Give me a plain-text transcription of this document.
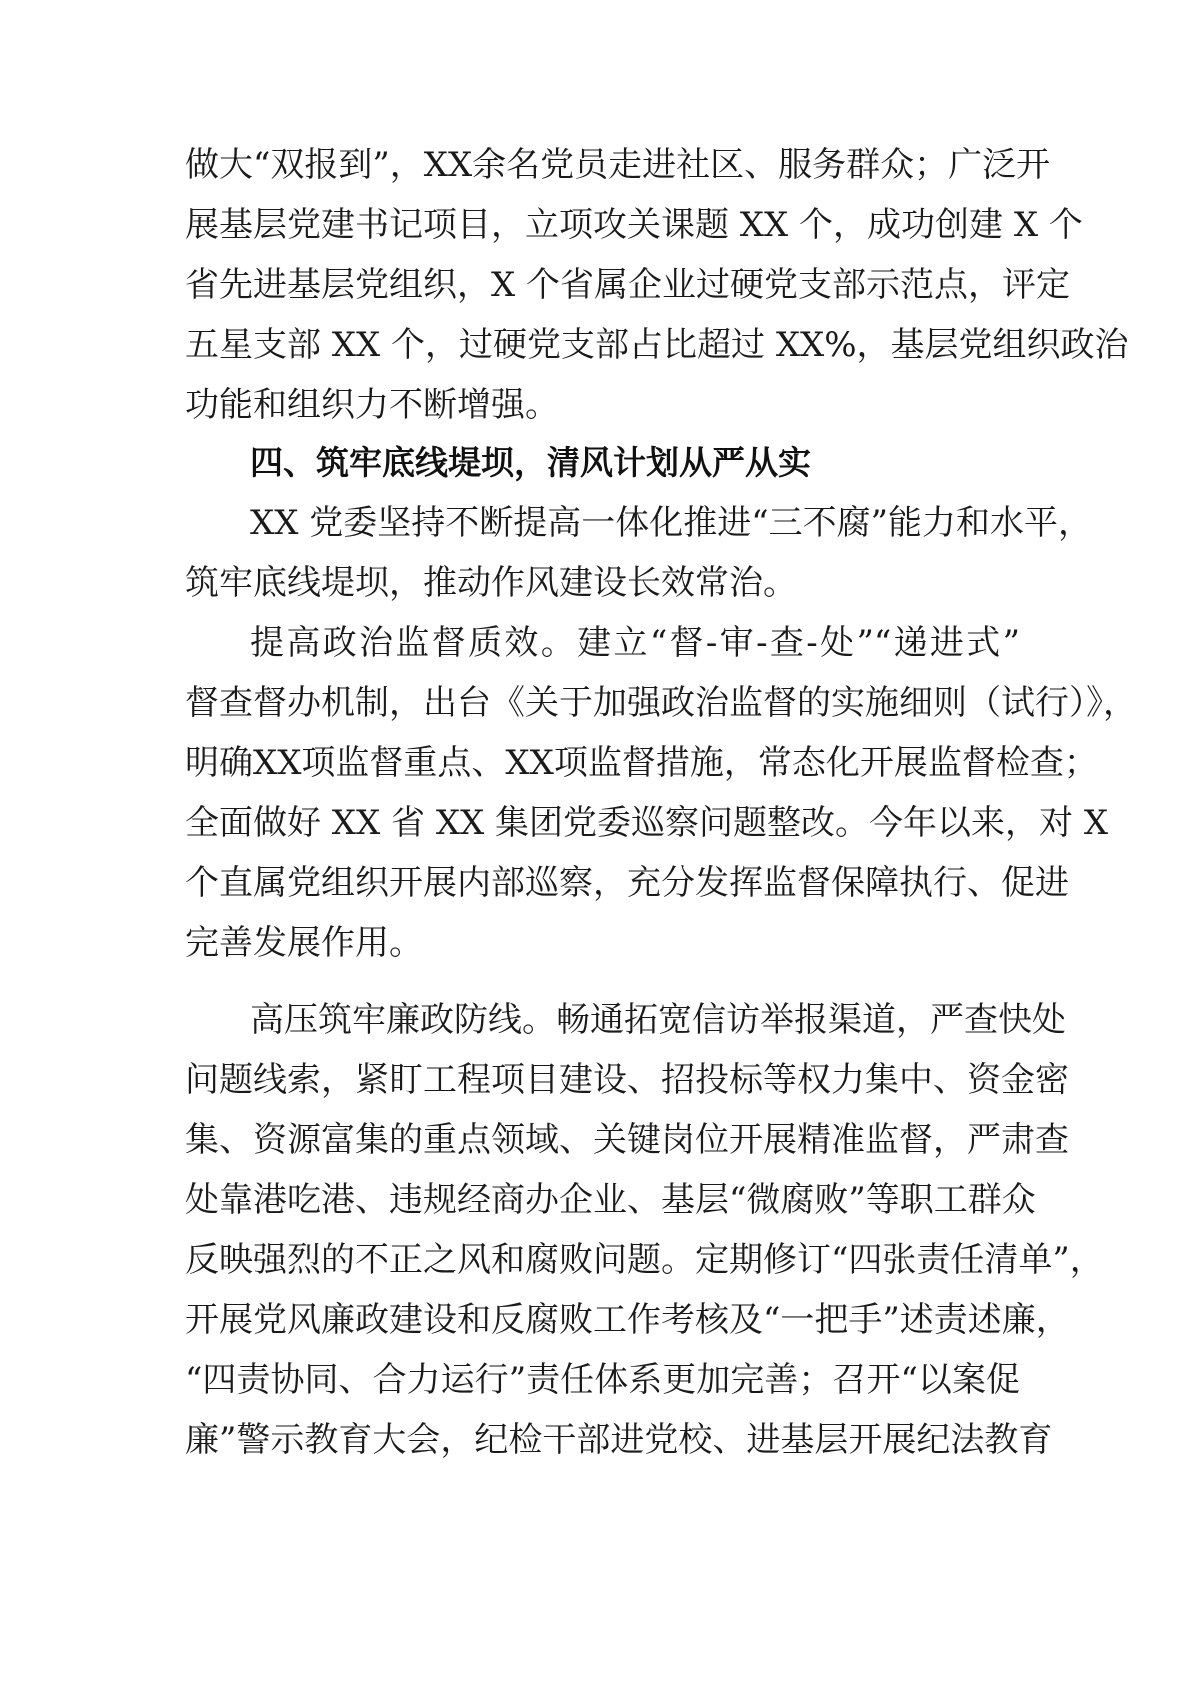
做大“双报到”，XX余名党员走进社区、服务群众；广泛开
展基层党建书记项目，立项攻关课题 XX 个，成功创建 X 个
省先进基层党组织，X 个省属企业过硬党支部示范点，评定
五星支部 XX 个，过硬党支部占比超过 XX%，基层党组织政治
功能和组织力不断增强。
四、筑牢底线堤坝，清风计划从严从实
XX 党委坚持不断提高一体化推进“三不腐”能力和水平，
筑牢底线堤坝，推动作风建设长效常治。
提高政治监督质效。建立“督-审-查-处”“递进式”
督查督办机制，出台《关于加强政治监督的实施细则（试行）》，
明确XX项监督重点、XX项监督措施，常态化开展监督检查；
全面做好 XX 省 XX 集团党委巡察问题整改。今年以来，对 X
个直属党组织开展内部巡察，充分发挥监督保障执行、促进
完善发展作用。
高压筑牢廉政防线。畅通拓宽信访举报渠道，严查快处
问题线索，紧盯工程项目建设、招投标等权力集中、资金密
集、资源富集的重点领域、关键岗位开展精准监督，严肃查
处靠港吃港、违规经商办企业、基层“微腐败”等职工群众
反映强烈的不正之风和腐败问题。定期修订“四张责任清单”，
开展党风廉政建设和反腐败工作考核及“一把手”述责述廉，
“四责协同、合力运行”责任体系更加完善；召开“以案促
廉”警示教育大会，纪检干部进党校、进基层开展纪法教育
